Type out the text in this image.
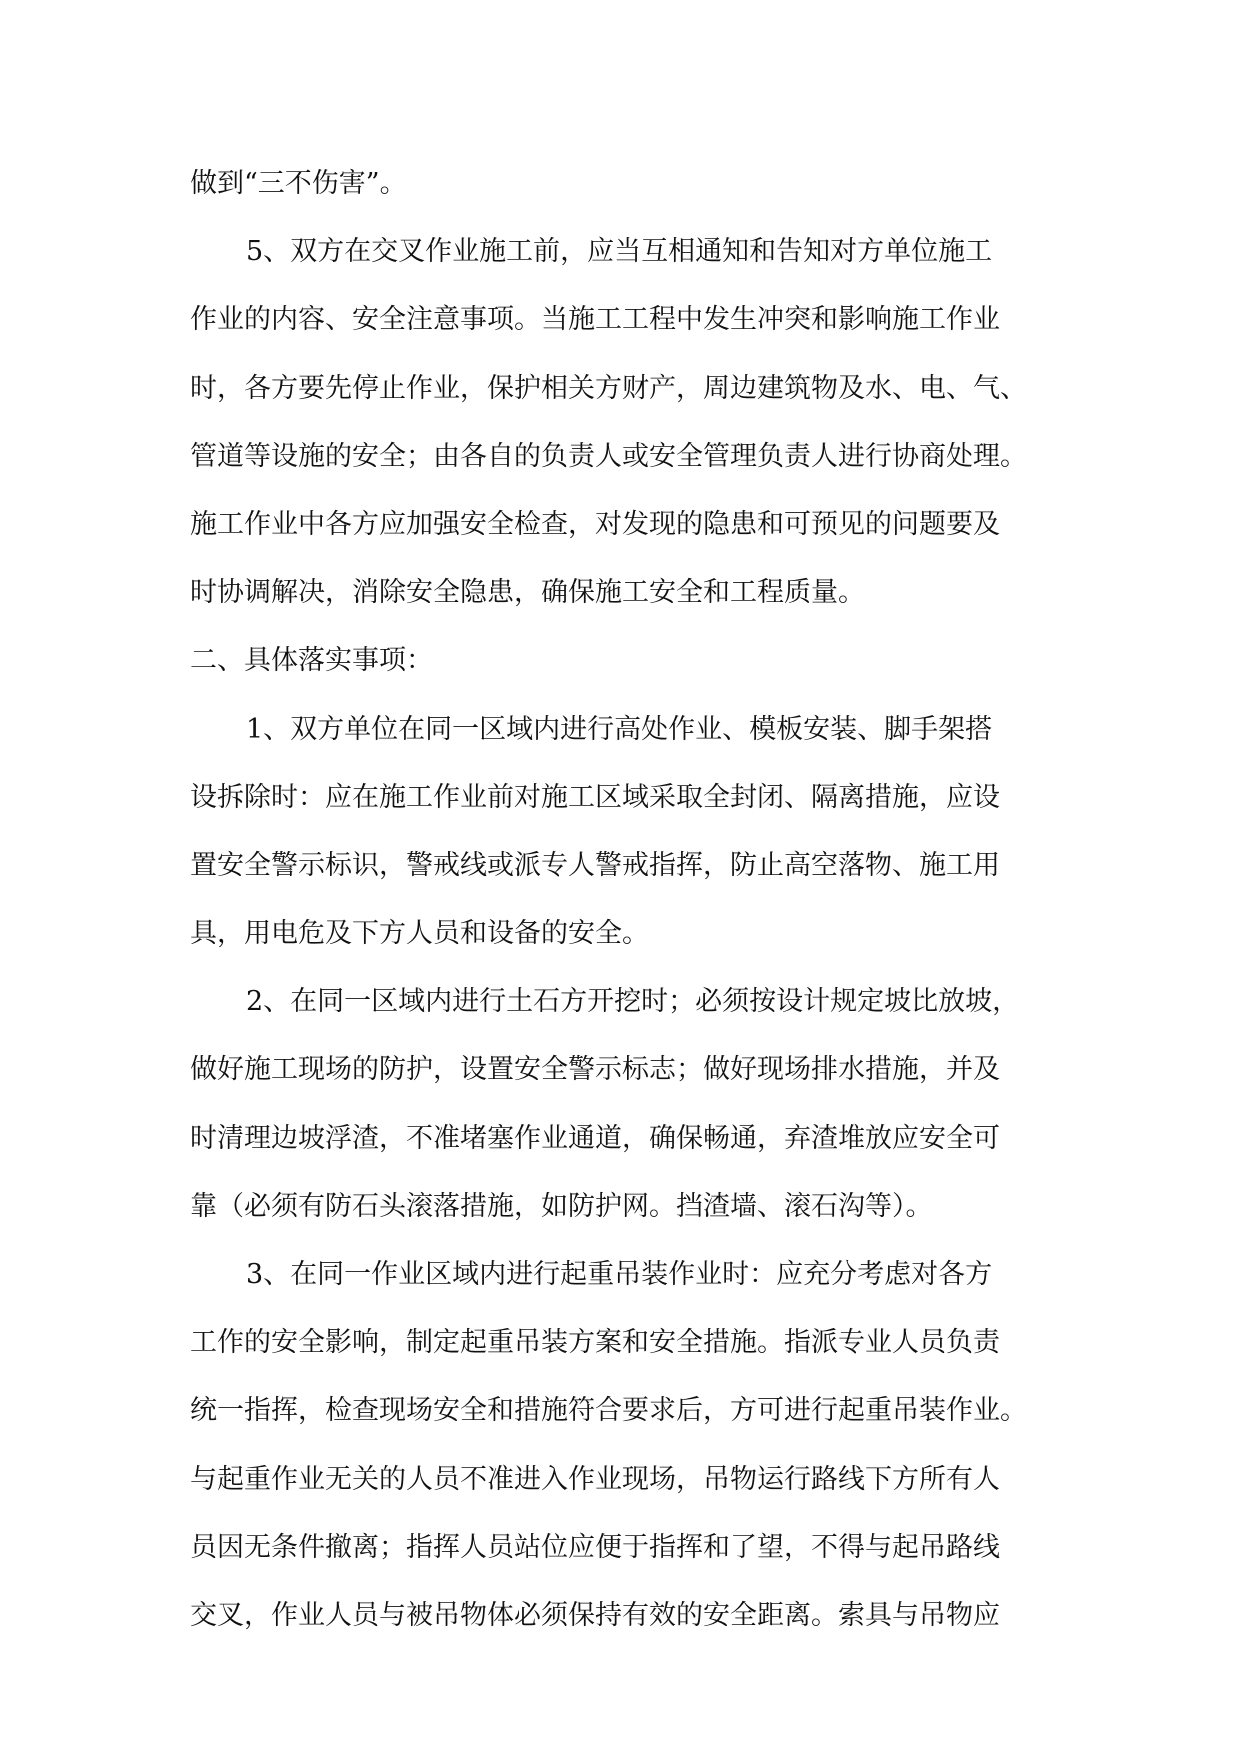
做到“三不伤害”。
5、双方在交叉作业施工前，应当互相通知和告知对方单位施工
作业的内容、安全注意事项。当施工工程中发生冲突和影响施工作业
时，各方要先停止作业，保护相关方财产，周边建筑物及水、电、气、
管道等设施的安全；由各自的负责人或安全管理负责人进行协商处理。
施工作业中各方应加强安全检查，对发现的隐患和可预见的问题要及
时协调解决，消除安全隐患，确保施工安全和工程质量。
二、具体落实事项：
1、双方单位在同一区域内进行高处作业、模板安装、脚手架搭
设拆除时：应在施工作业前对施工区域采取全封闭、隔离措施，应设
置安全警示标识，警戒线或派专人警戒指挥，防止高空落物、施工用
具，用电危及下方人员和设备的安全。
2、在同一区域内进行土石方开挖时；必须按设计规定坡比放坡，
做好施工现场的防护，设置安全警示标志；做好现场排水措施，并及
时清理边坡浮渣，不准堵塞作业通道，确保畅通，弃渣堆放应安全可
靠（必须有防石头滚落措施，如防护网。挡渣墙、滚石沟等）。
3、在同一作业区域内进行起重吊装作业时：应充分考虑对各方
工作的安全影响，制定起重吊装方案和安全措施。指派专业人员负责
统一指挥，检查现场安全和措施符合要求后，方可进行起重吊装作业。
与起重作业无关的人员不准进入作业现场，吊物运行路线下方所有人
员因无条件撤离；指挥人员站位应便于指挥和了望，不得与起吊路线
交叉，作业人员与被吊物体必须保持有效的安全距离。索具与吊物应
